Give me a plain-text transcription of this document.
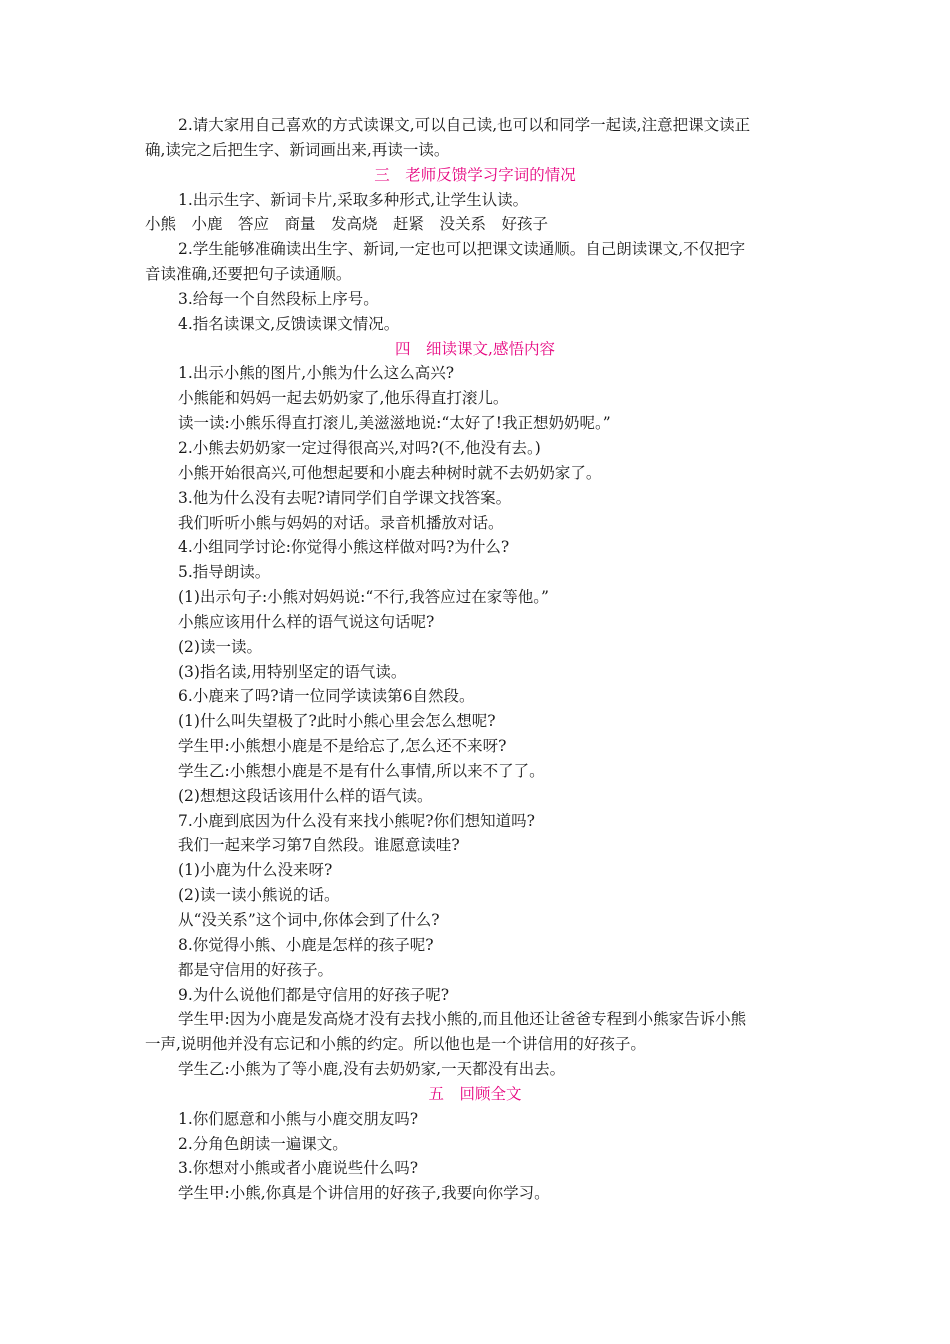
2.请大家用自己喜欢的方式读课文,可以自己读,也可以和同学一起读,注意把课文读正
确,读完之后把生字、新词画出来,再读一读。
三　老师反馈学习字词的情况
1.出示生字、新词卡片,采取多种形式,让学生认读。
小熊　小鹿　答应　商量　发高烧　赶紧　没关系　好孩子
2.学生能够准确读出生字、新词,一定也可以把课文读通顺。自己朗读课文,不仅把字
音读准确,还要把句子读通顺。
3.给每一个自然段标上序号。
4.指名读课文,反馈读课文情况。
四　细读课文,感悟内容
1.出示小熊的图片,小熊为什么这么高兴?
小熊能和妈妈一起去奶奶家了,他乐得直打滚儿。
读一读:小熊乐得直打滚儿,美滋滋地说:“太好了!我正想奶奶呢。”
2.小熊去奶奶家一定过得很高兴,对吗?(不,他没有去。)
小熊开始很高兴,可他想起要和小鹿去种树时就不去奶奶家了。
3.他为什么没有去呢?请同学们自学课文找答案。
我们听听小熊与妈妈的对话。录音机播放对话。
4.小组同学讨论:你觉得小熊这样做对吗?为什么?
5.指导朗读。
(1)出示句子:小熊对妈妈说:“不行,我答应过在家等他。”
小熊应该用什么样的语气说这句话呢?
(2)读一读。
(3)指名读,用特别坚定的语气读。
6.小鹿来了吗?请一位同学读读第6自然段。
(1)什么叫失望极了?此时小熊心里会怎么想呢?
学生甲:小熊想小鹿是不是给忘了,怎么还不来呀?
学生乙:小熊想小鹿是不是有什么事情,所以来不了了。
(2)想想这段话该用什么样的语气读。
7.小鹿到底因为什么没有来找小熊呢?你们想知道吗?
我们一起来学习第7自然段。谁愿意读哇?
(1)小鹿为什么没来呀?
(2)读一读小熊说的话。
从“没关系”这个词中,你体会到了什么?
8.你觉得小熊、小鹿是怎样的孩子呢?
都是守信用的好孩子。
9.为什么说他们都是守信用的好孩子呢?
学生甲:因为小鹿是发高烧才没有去找小熊的,而且他还让爸爸专程到小熊家告诉小熊
一声,说明他并没有忘记和小熊的约定。所以他也是一个讲信用的好孩子。
学生乙:小熊为了等小鹿,没有去奶奶家,一天都没有出去。
五　回顾全文
1.你们愿意和小熊与小鹿交朋友吗?
2.分角色朗读一遍课文。
3.你想对小熊或者小鹿说些什么吗?
学生甲:小熊,你真是个讲信用的好孩子,我要向你学习。
